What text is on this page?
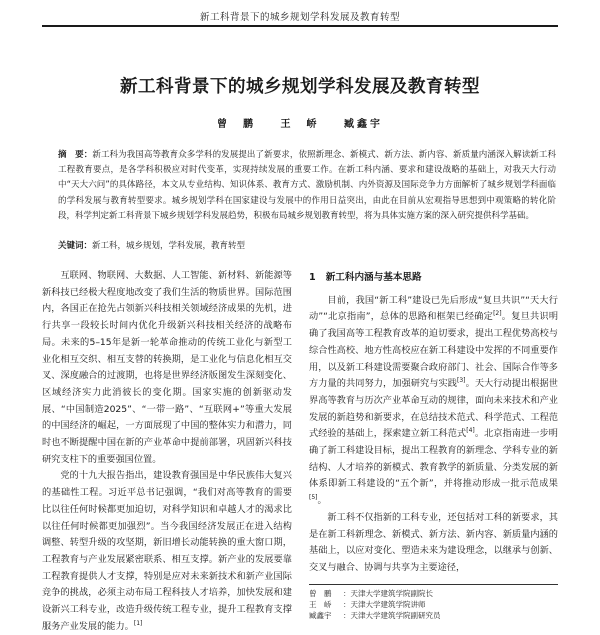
新工科背景下的城乡规划学科发展及教育转型
新工科背景下的城乡规划学科发展及教育转型
曾　鹏 王　峤 臧鑫宇
摘　要：新工科为我国高等教育众多学科的发展提出了新要求，依照新理念、新模式、新方法、新内容、新质量内涵深入解读新工科工程教育要点，是各学科积极应对时代变革，实现持续发展的重要工作。在新工科内涵、要求和建设战略的基础上，对我天大行动中“天大六问”的具体路径，本文从专业结构、知识体系、教育方式、激励机制、内外资源及国际竞争力方面解析了城乡规划学科面临的学科发展与教育转型要求。城乡规划学科在国家建设与发展中的作用日益突出，由此在目前从宏观指导思想到中观策略的转化阶段，科学判定新工科背景下城乡规划学科发展趋势，积极布局城乡规划教育转型，将为具体实施方案的深入研究提供科学基础。
关键词：新工科，城乡规划，学科发展，教育转型

互联网、物联网、大数据、人工智能、新材料、新能源等新科技已经极大程度地改变了我们生活的物质世界。国际范围内，各国正在抢先占领新兴科技相关领域经济成果的先机，进行共享一段较长时间内优化升级新兴科技相关经济的战略布局。未来的5–15年是新一轮革命推动的传统工业化与新型工业化相互交织、相互支替的转换期，是工业化与信息化相互交叉、深度融合的过渡期，也将是世界经济版图发生深刻变化、区域经济实力此消彼长的变化期。国家实施的创新驱动发展、“中国制造2025”、“一带一路”、“互联网+”等重大发展的中国经济的崛起，一方面展现了中国的整体实力和潜力，同时也不断提醒中国在新的产业革命中提前部署，巩固新兴科技研究支柱下的重要强国位置。

党的十九大报告指出，建设教育强国是中华民族伟大复兴的基础性工程。习近平总书记强调，“我们对高等教育的需要比以往任何时候都更加迫切，对科学知识和卓越人才的渴求比以往任何时候都更加强烈”。当今我国经济发展正在进入结构调整、转型升级的攻坚期，新旧增长动能转换的重大窗口期，工程教育与产业发展紧密联系、相互支撑。新产业的发展要靠工程教育提供人才支撑，特别是应对未来新技术和新产业国际竞争的挑战，必须主动布局工程科技人才培养，加快发展和建设新兴工科专业，改造升级传统工程专业，提升工程教育支撑服务产业发展的能力。[1]

1 新工科内涵与基本思路

目前，我国“新工科”建设已先后形成“复旦共识”“天大行动”“北京指南”，总体的思路和框架已经确定[2]。复旦共识明确了我国高等工程教育改革的迫切要求，提出工程优势高校与综合性高校、地方性高校应在新工科建设中发挥的不同重要作用，以及新工科建设需要聚合政府部门、社会、国际合作等多方力量的共同努力，加强研究与实践[3]。天大行动提出根据世界高等教育与历次产业革命互动的规律，面向未来技术和产业发展的新趋势和新要求，在总结技术范式、科学范式、工程范式经验的基础上，探索建立新工科范式[4]。北京指南进一步明确了新工科建设目标，提出工程教育的新理念、学科专业的新结构、人才培养的新模式、教育教学的新质量、分类发展的新体系即新工科建设的“五个新”，并将推动形成一批示范成果[5]。

新工科不仅指新的工科专业，还包括对工科的新要求，其是在新工科新理念、新模式、新方法、新内容、新质量内涵的基础上，以应对变化、塑造未来为建设理念，以继承与创新、交叉与融合、协调与共享为主要途径，

曾　鹏 ：天津大学建筑学院副院长
王　峤 ：天津大学建筑学院讲师
臧鑫宇 ：天津大学建筑学院副研究员
